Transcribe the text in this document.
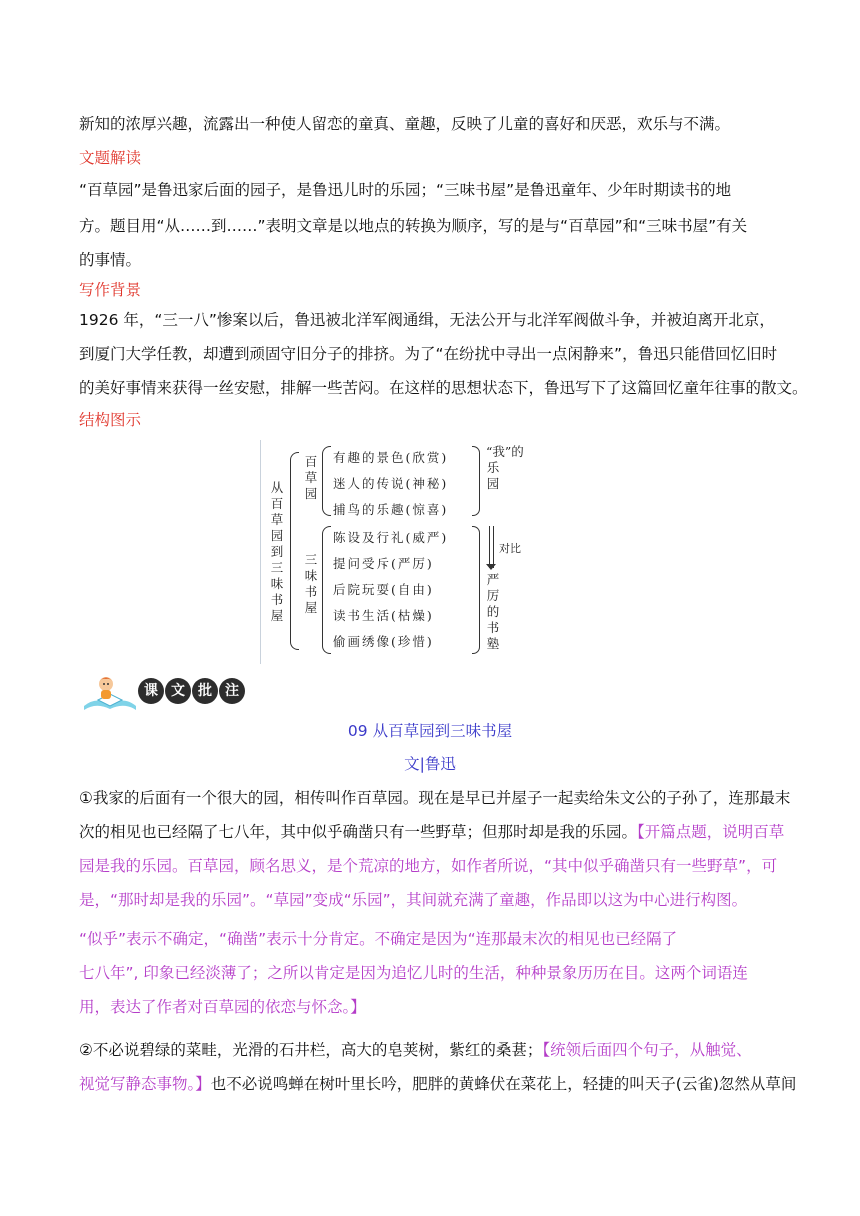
新知的浓厚兴趣，流露出一种使人留恋的童真、童趣，反映了儿童的喜好和厌恶，欢乐与不满。
文题解读
“百草园”是鲁迅家后面的园子，是鲁迅儿时的乐园；“三味书屋”是鲁迅童年、少年时期读书的地
方。题目用“从……到……”表明文章是以地点的转换为顺序，写的是与“百草园”和“三味书屋”有关
的事情。
写作背景
1926 年，“三一八”惨案以后，鲁迅被北洋军阀通缉，无法公开与北洋军阀做斗争，并被迫离开北京，
到厦门大学任教，却遭到顽固守旧分子的排挤。为了“在纷扰中寻出一点闲静来”，鲁迅只能借回忆旧时
的美好事情来获得一丝安慰，排解一些苦闷。在这样的思想状态下，鲁迅写下了这篇回忆童年往事的散文。
结构图示
从百草园到三味书屋
百草园
有趣的景色(欣赏)
迷人的传说(神秘)
捕鸟的乐趣(惊喜)
“我”的乐园
三味书屋
陈设及行礼(威严)
提问受斥(严厉)
后院玩耍(自由)
读书生活(枯燥)
偷画绣像(珍惜)
严厉的书塾
对比
课 文 批 注
09 从百草园到三味书屋
文|鲁迅
①我家的后面有一个很大的园，相传叫作百草园。现在是早已并屋子一起卖给朱文公的子孙了，连那最末
次的相见也已经隔了七八年，其中似乎确凿只有一些野草；但那时却是我的乐园。【开篇点题，说明百草
园是我的乐园。百草园，顾名思义，是个荒凉的地方，如作者所说，“其中似乎确凿只有一些野草”，可
是，“那时却是我的乐园”。“草园”变成“乐园”，其间就充满了童趣，作品即以这为中心进行构图。
“似乎”表示不确定，“确凿”表示十分肯定。不确定是因为“连那最末次的相见也已经隔了
七八年”, 印象已经淡薄了；之所以肯定是因为追忆儿时的生活，种种景象历历在目。这两个词语连
用，表达了作者对百草园的依恋与怀念。】
②不必说碧绿的菜畦，光滑的石井栏，高大的皂荚树，紫红的桑葚；【统领后面四个句子，从触觉、
视觉写静态事物。】也不必说鸣蝉在树叶里长吟，肥胖的黄蜂伏在菜花上，轻捷的叫天子(云雀)忽然从草间
